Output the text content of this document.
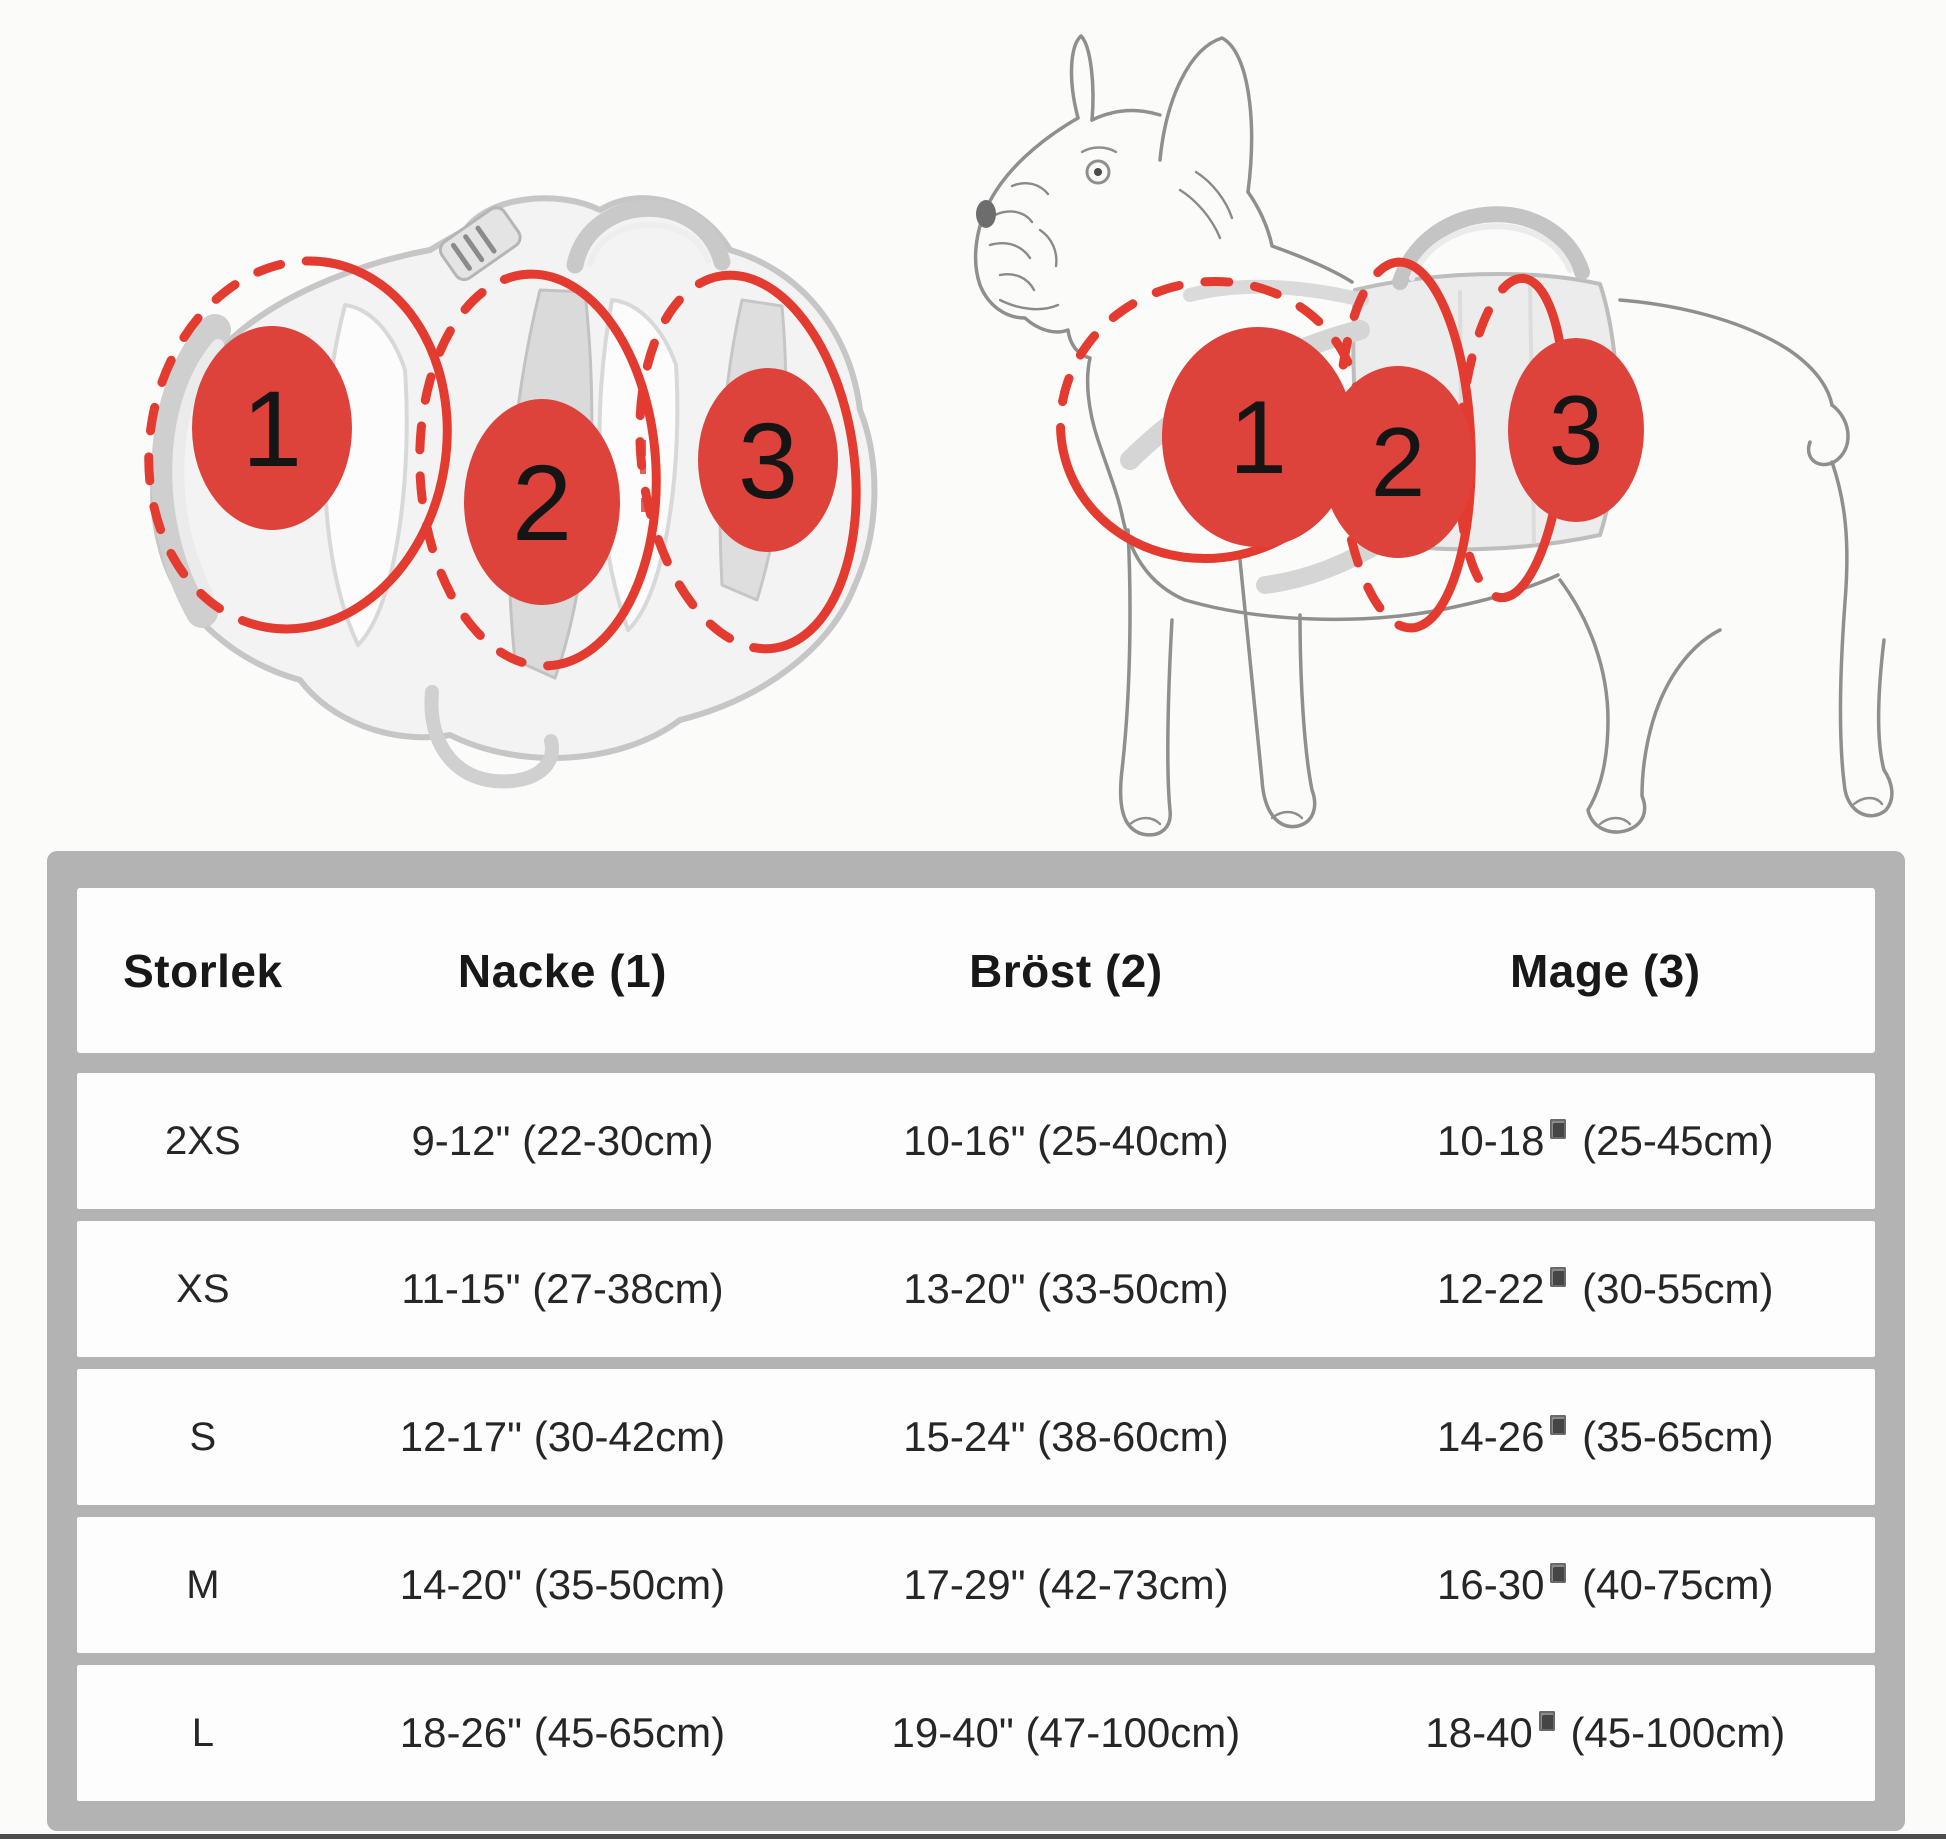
1
2 3	1 2 3
Storlek	Nacke (1)	Bröst (2)	Mage (3)
2XS	9-12" (22-30cm)	10-16" (25-40cm)	10-18 (25-45cm)
XS	11-15" (27-38cm)	13-20" (33-50cm)	12-22 (30-55cm)
S	12-17" (30-42cm)	15-24" (38-60cm)	14-26 (35-65cm)
M	14-20" (35-50cm)	17-29" (42-73cm)	16-30 (40-75cm)
L	18-26" (45-65cm)	19-40" (47-100cm)	18-40 (45-100cm)
